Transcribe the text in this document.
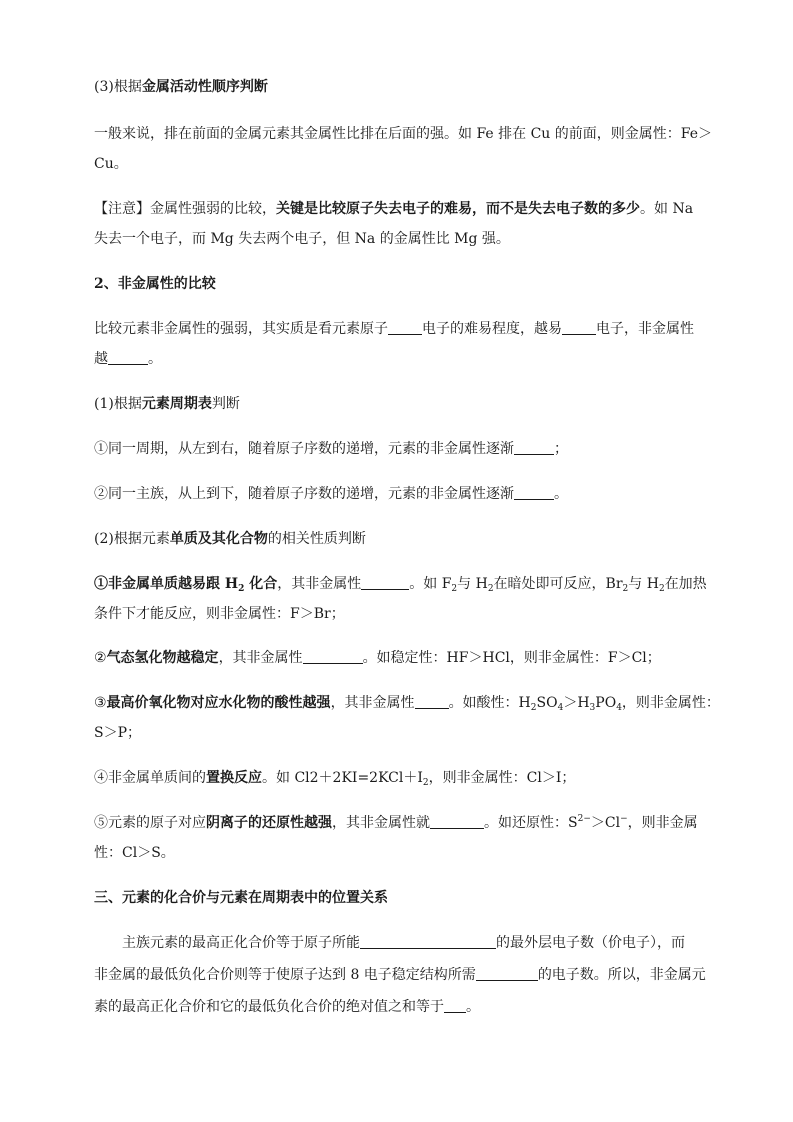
(3)根据金属活动性顺序判断
一般来说，排在前面的金属元素其金属性比排在后面的强。如 Fe 排在 Cu 的前面，则金属性：Fe＞
Cu。
【注意】金属性强弱的比较，关键是比较原子失去电子的难易，而不是失去电子数的多少。如 Na
失去一个电子，而 Mg 失去两个电子，但 Na 的金属性比 Mg 强。
2、非金属性的比较
比较元素非金属性的强弱，其实质是看元素原子 电子的难易程度，越易 电子，非金属性
越	。
(1)根据元素周期表判断
①同一周期，从左到右，随着原子序数的递增，元素的非金属性逐渐	；
②同一主族，从上到下，随着原子序数的递增，元素的非金属性逐渐	。
(2)根据元素单质及其化合物的相关性质判断
①非金属单质越易跟 $H_2$ 化合，其非金属性	。如 $F_2$与 $H_2$在暗处即可反应，$Br_2$与 $H_2$在加热
条件下才能反应，则非金属性：F＞Br；
②气态氢化物越稳定，其非金属性	。如稳定性：HF＞HCl，则非金属性：F＞Cl；
③最高价氧化物对应水化物的酸性越强，其非金属性 。如酸性：$H_2SO_4>H_3PO_4$，则非金属性：
S＞P；
④非金属单质间的置换反应。如 $Cl2+2KI=2KCl+I_2$，则非金属性：Cl＞I；
⑤元素的原子对应阴离子的还原性越强，其非金属性就	。如还原性：$S^{2-}>Cl^-$，则非金属
性：Cl＞S。
三、元素的化合价与元素在周期表中的位置关系
主族元素的最高正化合价等于原子所能	的最外层电子数（价电子），而
非金属的最低负化合价则等于使原子达到 8 电子稳定结构所需	的电子数。所以，非金属元
素的最高正化合价和它的最低负化合价的绝对值之和等于 。
